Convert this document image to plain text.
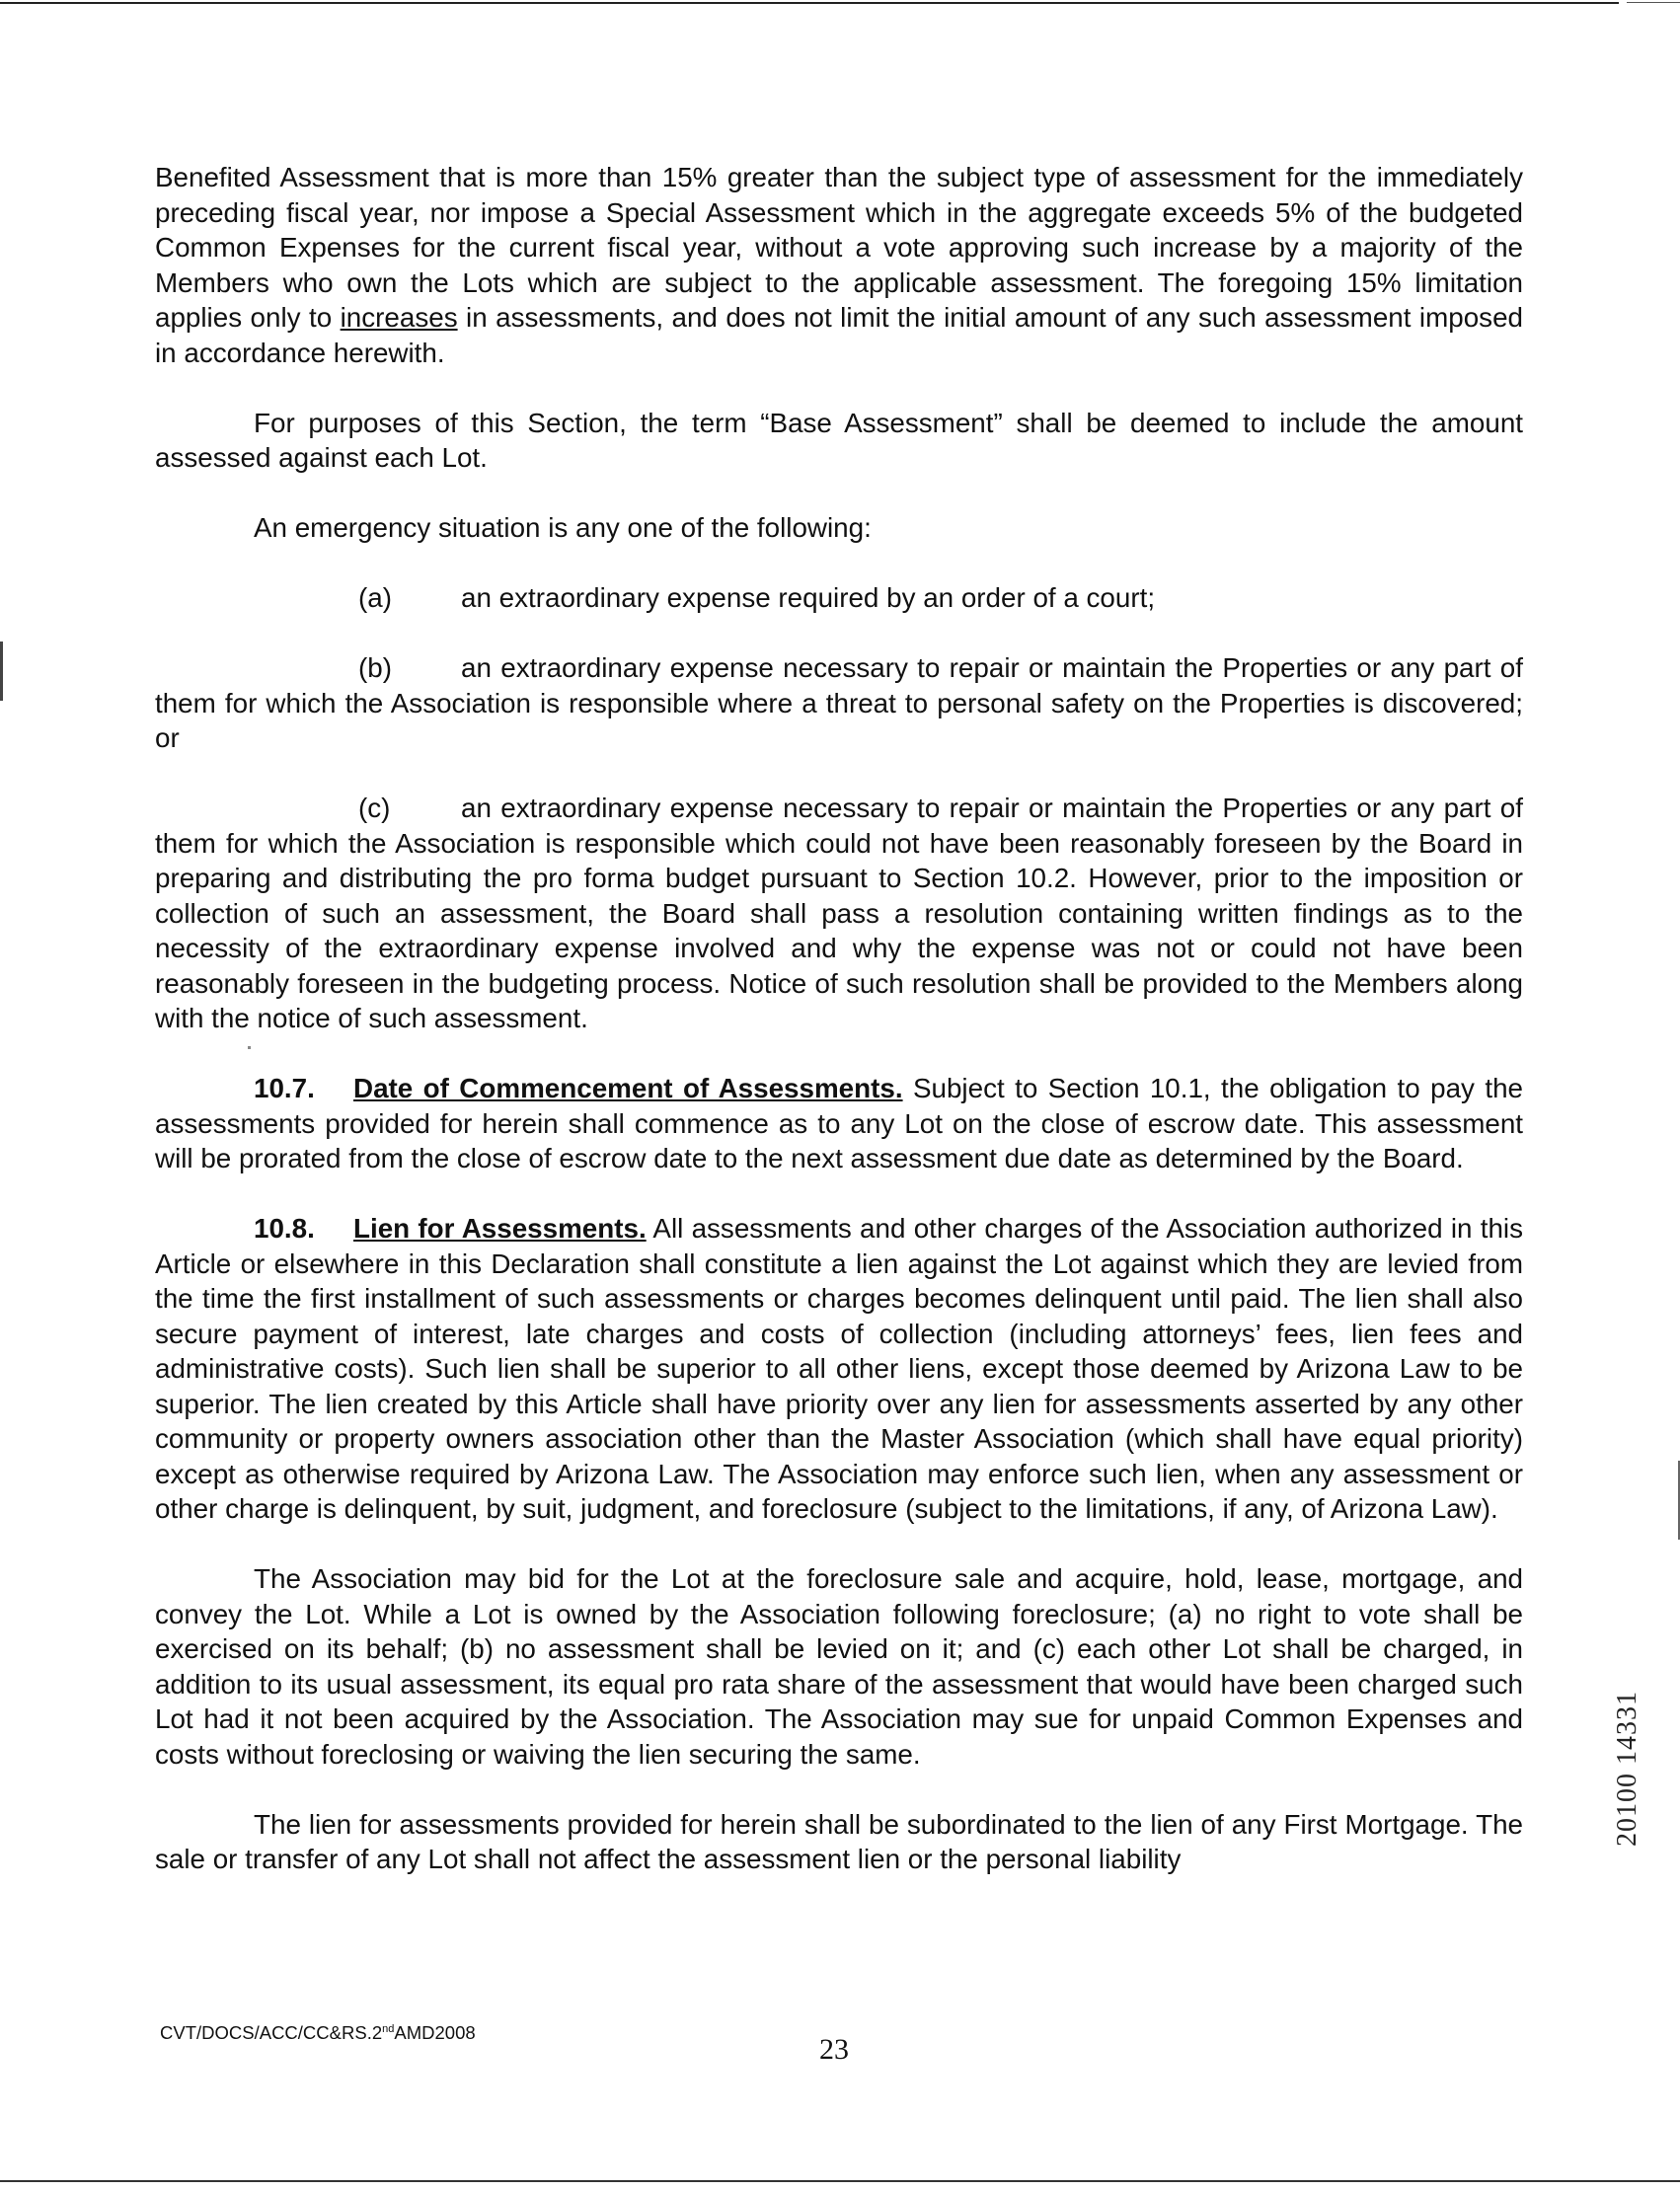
Benefited Assessment that is more than 15% greater than the subject type of assessment for the immediately preceding fiscal year, nor impose a Special Assessment which in the aggregate exceeds 5% of the budgeted Common Expenses for the current fiscal year, without a vote approving such increase by a majority of the Members who own the Lots which are subject to the applicable assessment. The foregoing 15% limitation applies only to increases in assessments, and does not limit the initial amount of any such assessment imposed in accordance herewith.

For purposes of this Section, the term “Base Assessment” shall be deemed to include the amount assessed against each Lot.

An emergency situation is any one of the following:

(a)	an extraordinary expense required by an order of a court;

(b)	an extraordinary expense necessary to repair or maintain the Properties or any part of them for which the Association is responsible where a threat to personal safety on the Properties is discovered; or

(c)	an extraordinary expense necessary to repair or maintain the Properties or any part of them for which the Association is responsible which could not have been reasonably foreseen by the Board in preparing and distributing the pro forma budget pursuant to Section 10.2. However, prior to the imposition or collection of such an assessment, the Board shall pass a resolution containing written findings as to the necessity of the extraordinary expense involved and why the expense was not or could not have been reasonably foreseen in the budgeting process. Notice of such resolution shall be provided to the Members along with the notice of such assessment.

10.7. Date of Commencement of Assessments. Subject to Section 10.1, the obligation to pay the assessments provided for herein shall commence as to any Lot on the close of escrow date. This assessment will be prorated from the close of escrow date to the next assessment due date as determined by the Board.

10.8. Lien for Assessments. All assessments and other charges of the Association authorized in this Article or elsewhere in this Declaration shall constitute a lien against the Lot against which they are levied from the time the first installment of such assessments or charges becomes delinquent until paid. The lien shall also secure payment of interest, late charges and costs of collection (including attorneys’ fees, lien fees and administrative costs). Such lien shall be superior to all other liens, except those deemed by Arizona Law to be superior. The lien created by this Article shall have priority over any lien for assessments asserted by any other community or property owners association other than the Master Association (which shall have equal priority) except as otherwise required by Arizona Law. The Association may enforce such lien, when any assessment or other charge is delinquent, by suit, judgment, and foreclosure (subject to the limitations, if any, of Arizona Law).

The Association may bid for the Lot at the foreclosure sale and acquire, hold, lease, mortgage, and convey the Lot. While a Lot is owned by the Association following foreclosure; (a) no right to vote shall be exercised on its behalf; (b) no assessment shall be levied on it; and (c) each other Lot shall be charged, in addition to its usual assessment, its equal pro rata share of the assessment that would have been charged such Lot had it not been acquired by the Association. The Association may sue for unpaid Common Expenses and costs without foreclosing or waiving the lien securing the same.

The lien for assessments provided for herein shall be subordinated to the lien of any First Mortgage. The sale or transfer of any Lot shall not affect the assessment lien or the personal liability

CVT/DOCS/ACC/CC&RS.2ndAMD2008
23
20100 14331
